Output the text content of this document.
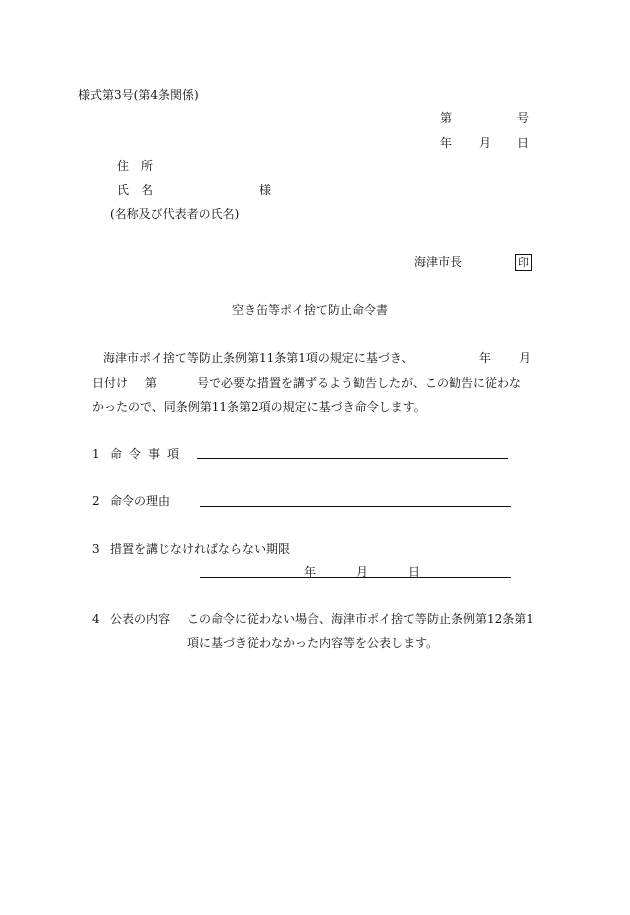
様式第3号(第4条関係)
第	号
年 月 日
住　所
氏　名	様
(名称及び代表者の氏名)
海津市長	印
空き缶等ポイ捨て防止命令書
海津市ポイ捨て等防止条例第11条第1項の規定に基づき、	年 月
日付け 第	号で必要な措置を講ずるよう勧告したが、この勧告に従わな
かったので、同条例第11条第2項の規定に基づき命令します。
1 命令事項
2 命令の理由
3 措置を講じなければならない期限
年	月	日
4 公表の内容 この命令に従わない場合、海津市ポイ捨て等防止条例第12条第1
項に基づき従わなかった内容等を公表します。
